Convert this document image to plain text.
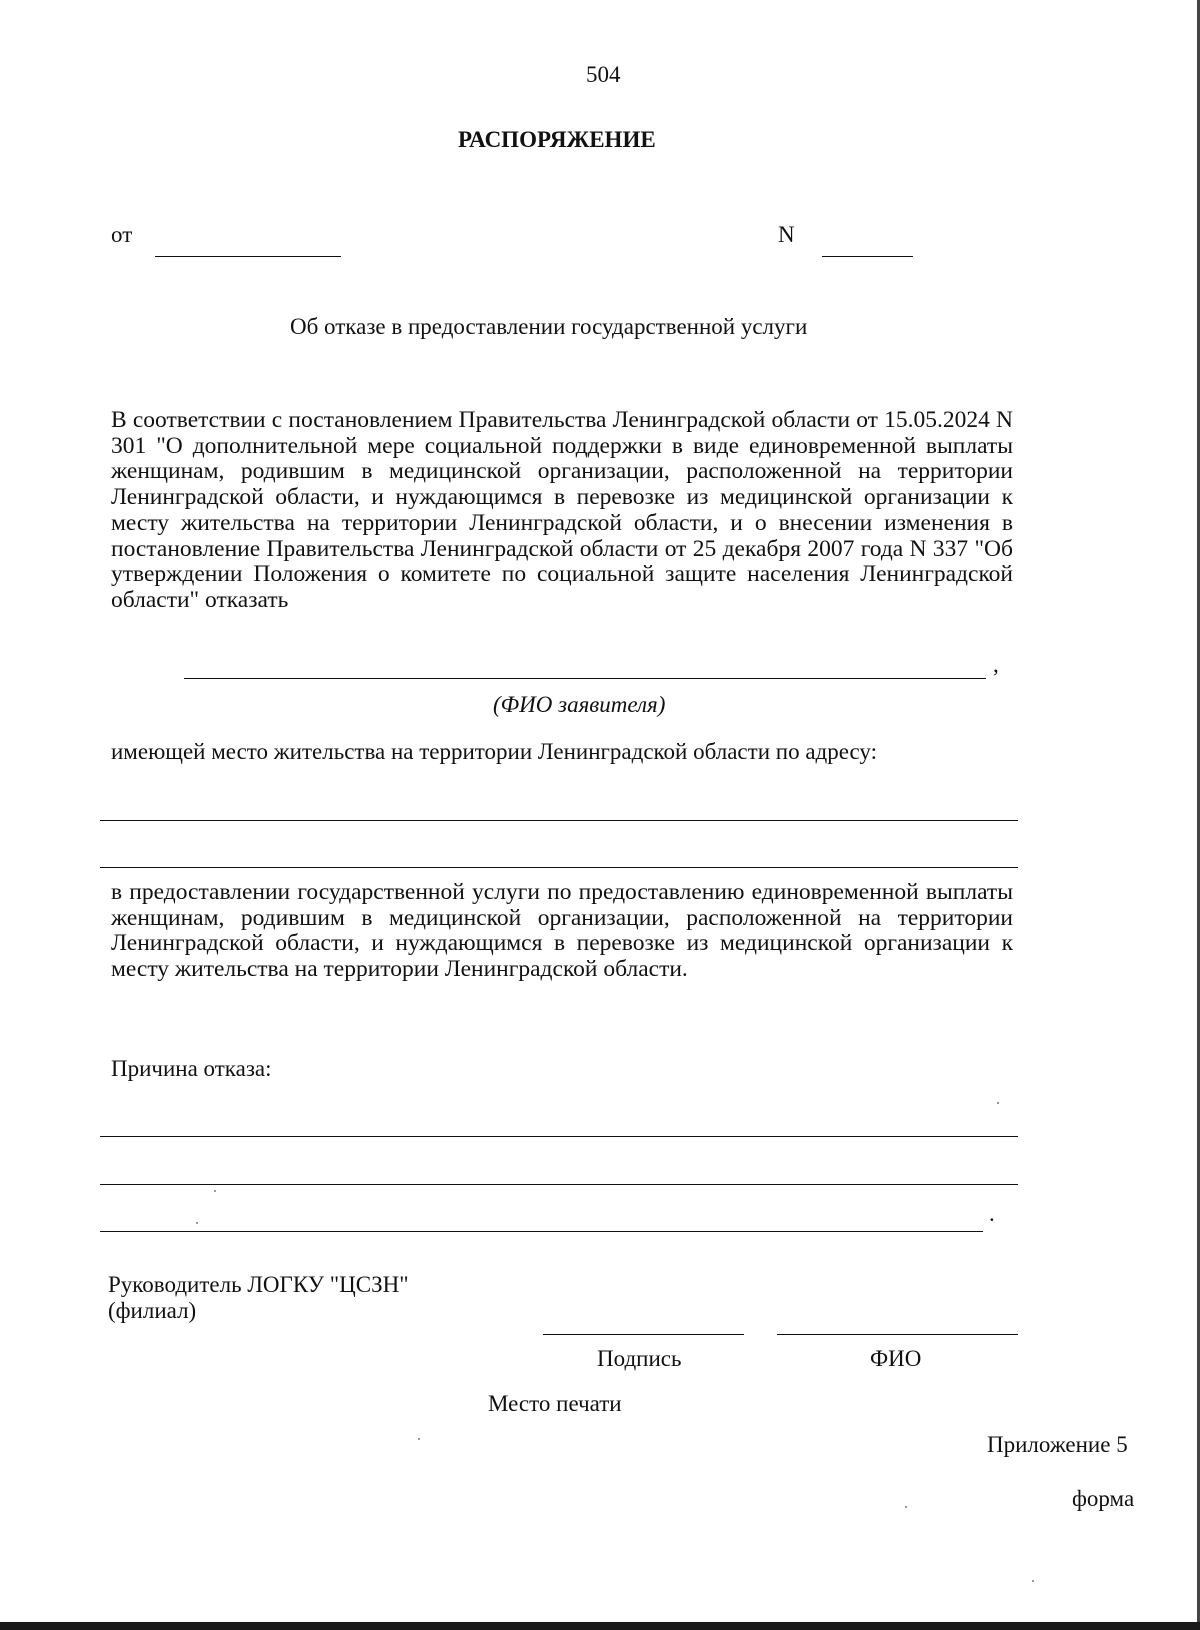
504
РАСПОРЯЖЕНИЕ
от	N
Об отказе в предоставлении государственной услуги
В соответствии с постановлением Правительства Ленинградской области от 15.05.2024 N 301 "О дополнительной мере социальной поддержки в виде единовременной выплаты женщинам, родившим в медицинской организации, расположенной на территории Ленинградской области, и нуждающимся в перевозке из медицинской организации к месту жительства на территории Ленинградской области, и о внесении изменения в постановление Правительства Ленинградской области от 25 декабря 2007 года N 337 "Об утверждении Положения о комитете по социальной защите населения Ленинградской области" отказать
,
(ФИО заявителя)
имеющей место жительства на территории Ленинградской области по адресу:
в предоставлении государственной услуги по предоставлению единовременной выплаты женщинам, родившим в медицинской организации, расположенной на территории Ленинградской области, и нуждающимся в перевозке из медицинской организации к месту жительства на территории Ленинградской области.
Причина отказа:
.
Руководитель ЛОГКУ "ЦСЗН"
(филиал)
Подпись	ФИО
Место печати
Приложение 5
форма
